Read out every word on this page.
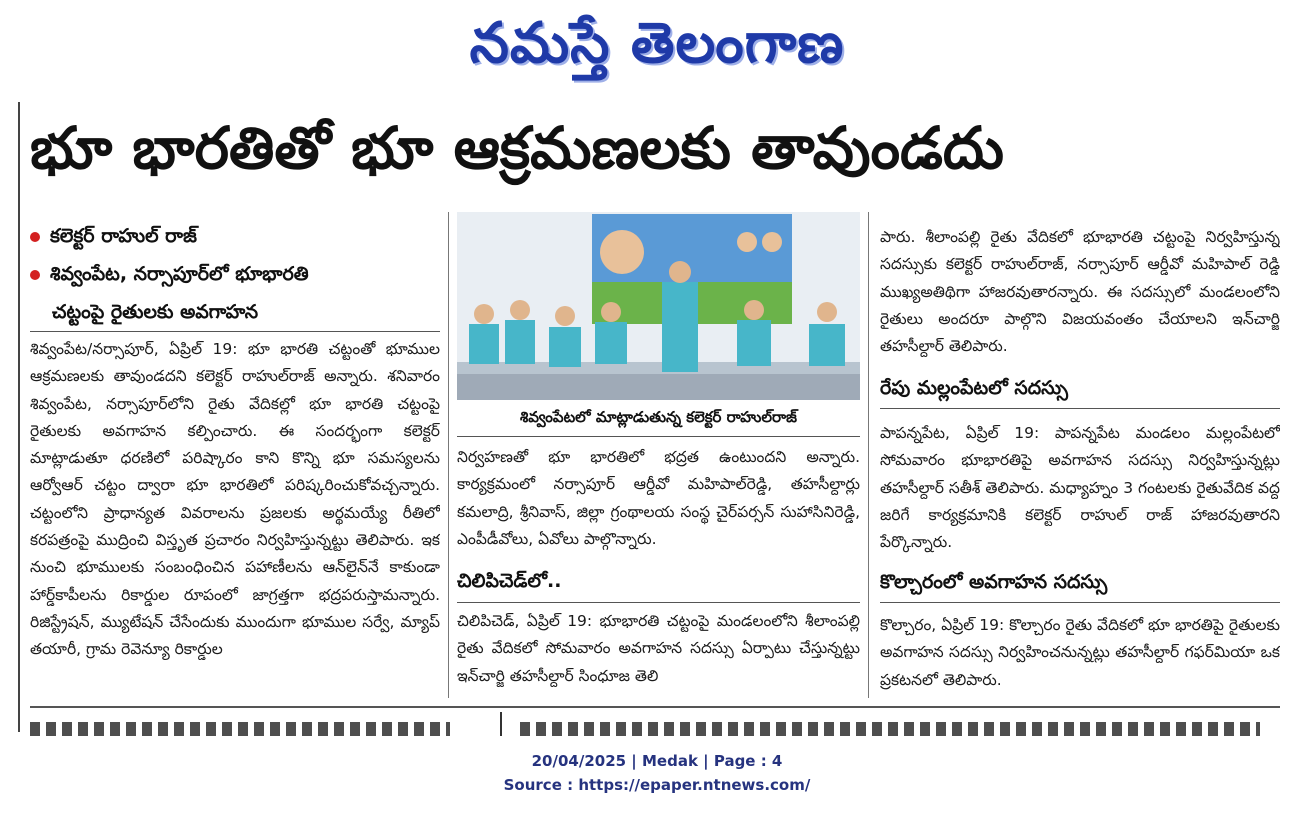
నమస్తే తెలంగాణ
భూ భారతితో భూ ఆక్రమణలకు తావుండదు
కలెక్టర్ రాహుల్ రాజ్
శివ్వంపేట, నర్సాపూర్‌లో భూభారతి
చట్టంపై రైతులకు అవగాహన
శివ్వంపేట/నర్సాపూర్, ఏప్రిల్ 19: భూ భారతి చట్టంతో భూముల ఆక్రమణలకు తావుండదని కలెక్టర్ రాహుల్‌రాజ్ అన్నారు. శనివారం శివ్వంపేట, నర్సాపూర్‌లోని రైతు వేదికల్లో భూ భారతి చట్టంపై రైతులకు అవగాహన కల్పించారు. ఈ సందర్భంగా కలెక్టర్ మాట్లాడుతూ ధరణిలో పరిష్కారం కాని కొన్ని భూ సమస్యలను ఆర్వోఆర్ చట్టం ద్వారా భూ భారతిలో పరిష్కరించుకోవచ్చన్నారు. చట్టంలోని ప్రాధాన్యత వివరాలను ప్రజలకు అర్థమయ్యే రీతిలో కరపత్రంపై ముద్రించి విస్తృత ప్రచారం నిర్వహిస్తున్నట్టు తెలిపారు. ఇక నుంచి భూములకు సంబంధించిన పహాణీలను ఆన్‌లైన్‌నే కాకుండా హార్డ్‌కాపీలను రికార్డుల రూపంలో జాగ్రత్తగా భద్రపరుస్తామన్నారు. రిజిస్ట్రేషన్, మ్యుటేషన్ చేసేందుకు ముందుగా భూముల సర్వే, మ్యాప్ తయారీ, గ్రామ రెవెన్యూ రికార్డుల
శివ్వంపేటలో మాట్లాడుతున్న కలెక్టర్ రాహుల్‌రాజ్
నిర్వహణతో భూ భారతిలో భద్రత ఉంటుందని అన్నారు. కార్యక్రమంలో నర్సాపూర్ ఆర్డీవో మహిపాల్‌రెడ్డి, తహసీల్దార్లు కమలాద్రి, శ్రీనివాస్, జిల్లా గ్రంథాలయ సంస్థ చైర్‌పర్సన్ సుహాసినిరెడ్డి, ఎంపీడీవోలు, ఏవోలు పాల్గొన్నారు.
చిలిపిచెడ్‌లో..
చిలిపిచెడ్, ఏప్రిల్ 19: భూభారతి చట్టంపై మండలంలోని శీలాంపల్లి రైతు వేదికలో సోమవారం అవగాహన సదస్సు ఏర్పాటు చేస్తున్నట్టు ఇన్‌చార్జి తహసీల్దార్ సింధూజ తెలి
పారు. శీలాంపల్లి రైతు వేదికలో భూభారతి చట్టంపై నిర్వహిస్తున్న సదస్సుకు కలెక్టర్ రాహుల్‌రాజ్, నర్సాపూర్ ఆర్డీవో మహిపాల్ రెడ్డి ముఖ్యఅతిథిగా హాజరవుతారన్నారు. ఈ సదస్సులో మండలంలోని రైతులు అందరూ పాల్గొని విజయవంతం చేయాలని ఇన్‌చార్జి తహసీల్దార్ తెలిపారు.
రేపు మల్లంపేటలో సదస్సు
పాపన్నపేట, ఏప్రిల్ 19: పాపన్నపేట మండలం మల్లంపేటలో సోమవారం భూభారతిపై అవగాహన సదస్సు నిర్వహిస్తున్నట్లు తహసీల్దార్ సతీశ్ తెలిపారు. మధ్యాహ్నం 3 గంటలకు రైతువేదిక వద్ద జరిగే కార్యక్రమానికి కలెక్టర్ రాహుల్ రాజ్ హాజరవుతారని పేర్కొన్నారు.
కొల్చారంలో అవగాహన సదస్సు
కొల్చారం, ఏప్రిల్ 19: కొల్చారం రైతు వేదికలో భూ భారతిపై రైతులకు అవగాహన సదస్సు నిర్వహించనున్నట్లు తహసీల్దార్ గఫర్‌మియా ఒక ప్రకటనలో తెలిపారు.
20/04/2025 | Medak | Page : 4
Source : https://epaper.ntnews.com/
